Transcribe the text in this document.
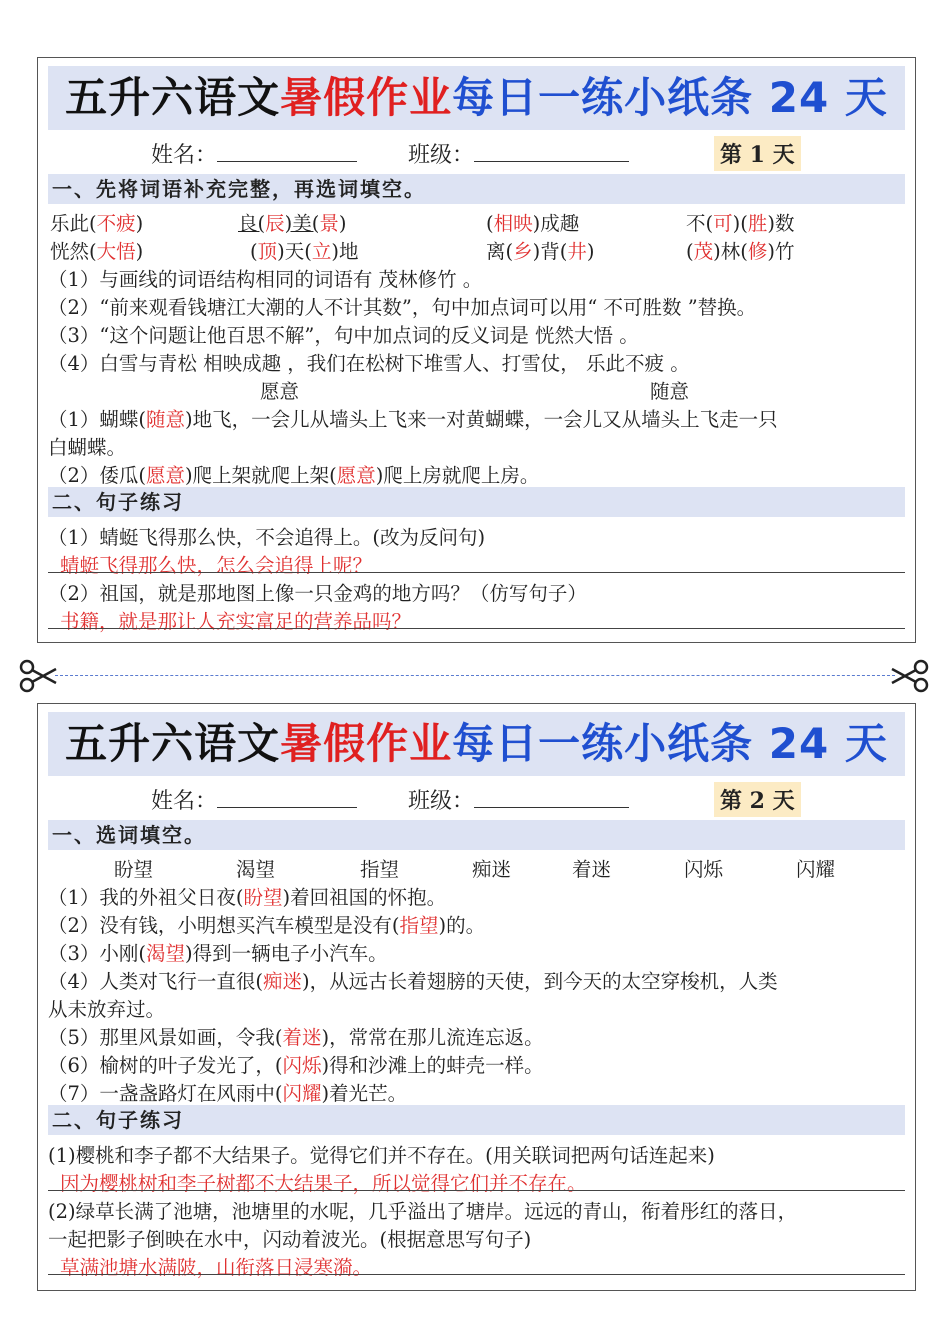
五升六语文暑假作业每日一练小纸条 24 天
姓名：	班级：	第 1 天
一、先将词语补充完整，再选词填空。
乐此(不疲)	良(辰)美(景)	(相映)成趣	不(可)(胜)数
恍然(大悟)	(顶)天(立)地	离(乡)背(井)	(茂)林(修)竹
（1）与画线的词语结构相同的词语有 茂林修竹 。
（2）“前来观看钱塘江大潮的人不计其数”，句中加点词可以用“ 不可胜数 ”替换。
（3）“这个问题让他百思不解”，句中加点词的反义词是 恍然大悟 。
（4）白雪与青松 相映成趣 ，我们在松树下堆雪人、打雪仗， 乐此不疲 。
愿意	随意
（1）蝴蝶(随意)地飞，一会儿从墙头上飞来一对黄蝴蝶，一会儿又从墙头上飞走一只
白蝴蝶。
（2）倭瓜(愿意)爬上架就爬上架(愿意)爬上房就爬上房。
二、句子练习
（1）蜻蜓飞得那么快，不会追得上。(改为反问句)
蜻蜓飞得那么快，怎么会追得上呢？
（2）祖国，就是那地图上像一只金鸡的地方吗？（仿写句子）
书籍，就是那让人充实富足的营养品吗？
五升六语文暑假作业每日一练小纸条 24 天
姓名：	班级：	第 2 天
一、选词填空。
盼望	渴望	指望	痴迷	着迷	闪烁	闪耀
（1）我的外祖父日夜(盼望)着回祖国的怀抱。
（2）没有钱，小明想买汽车模型是没有(指望)的。
（3）小刚(渴望)得到一辆电子小汽车。
（4）人类对飞行一直很(痴迷)，从远古长着翅膀的天使，到今天的太空穿梭机，人类
从未放弃过。
（5）那里风景如画，令我(着迷)，常常在那儿流连忘返。
（6）榆树的叶子发光了，(闪烁)得和沙滩上的蚌壳一样。
（7）一盏盏路灯在风雨中(闪耀)着光芒。
二、句子练习
(1)樱桃和李子都不大结果子。觉得它们并不存在。(用关联词把两句话连起来)
因为樱桃树和李子树都不大结果子，所以觉得它们并不存在。
(2)绿草长满了池塘，池塘里的水呢，几乎溢出了塘岸。远远的青山，衔着彤红的落日，
一起把影子倒映在水中，闪动着波光。(根据意思写句子)
草满池塘水满陂，山衔落日浸寒漪。
